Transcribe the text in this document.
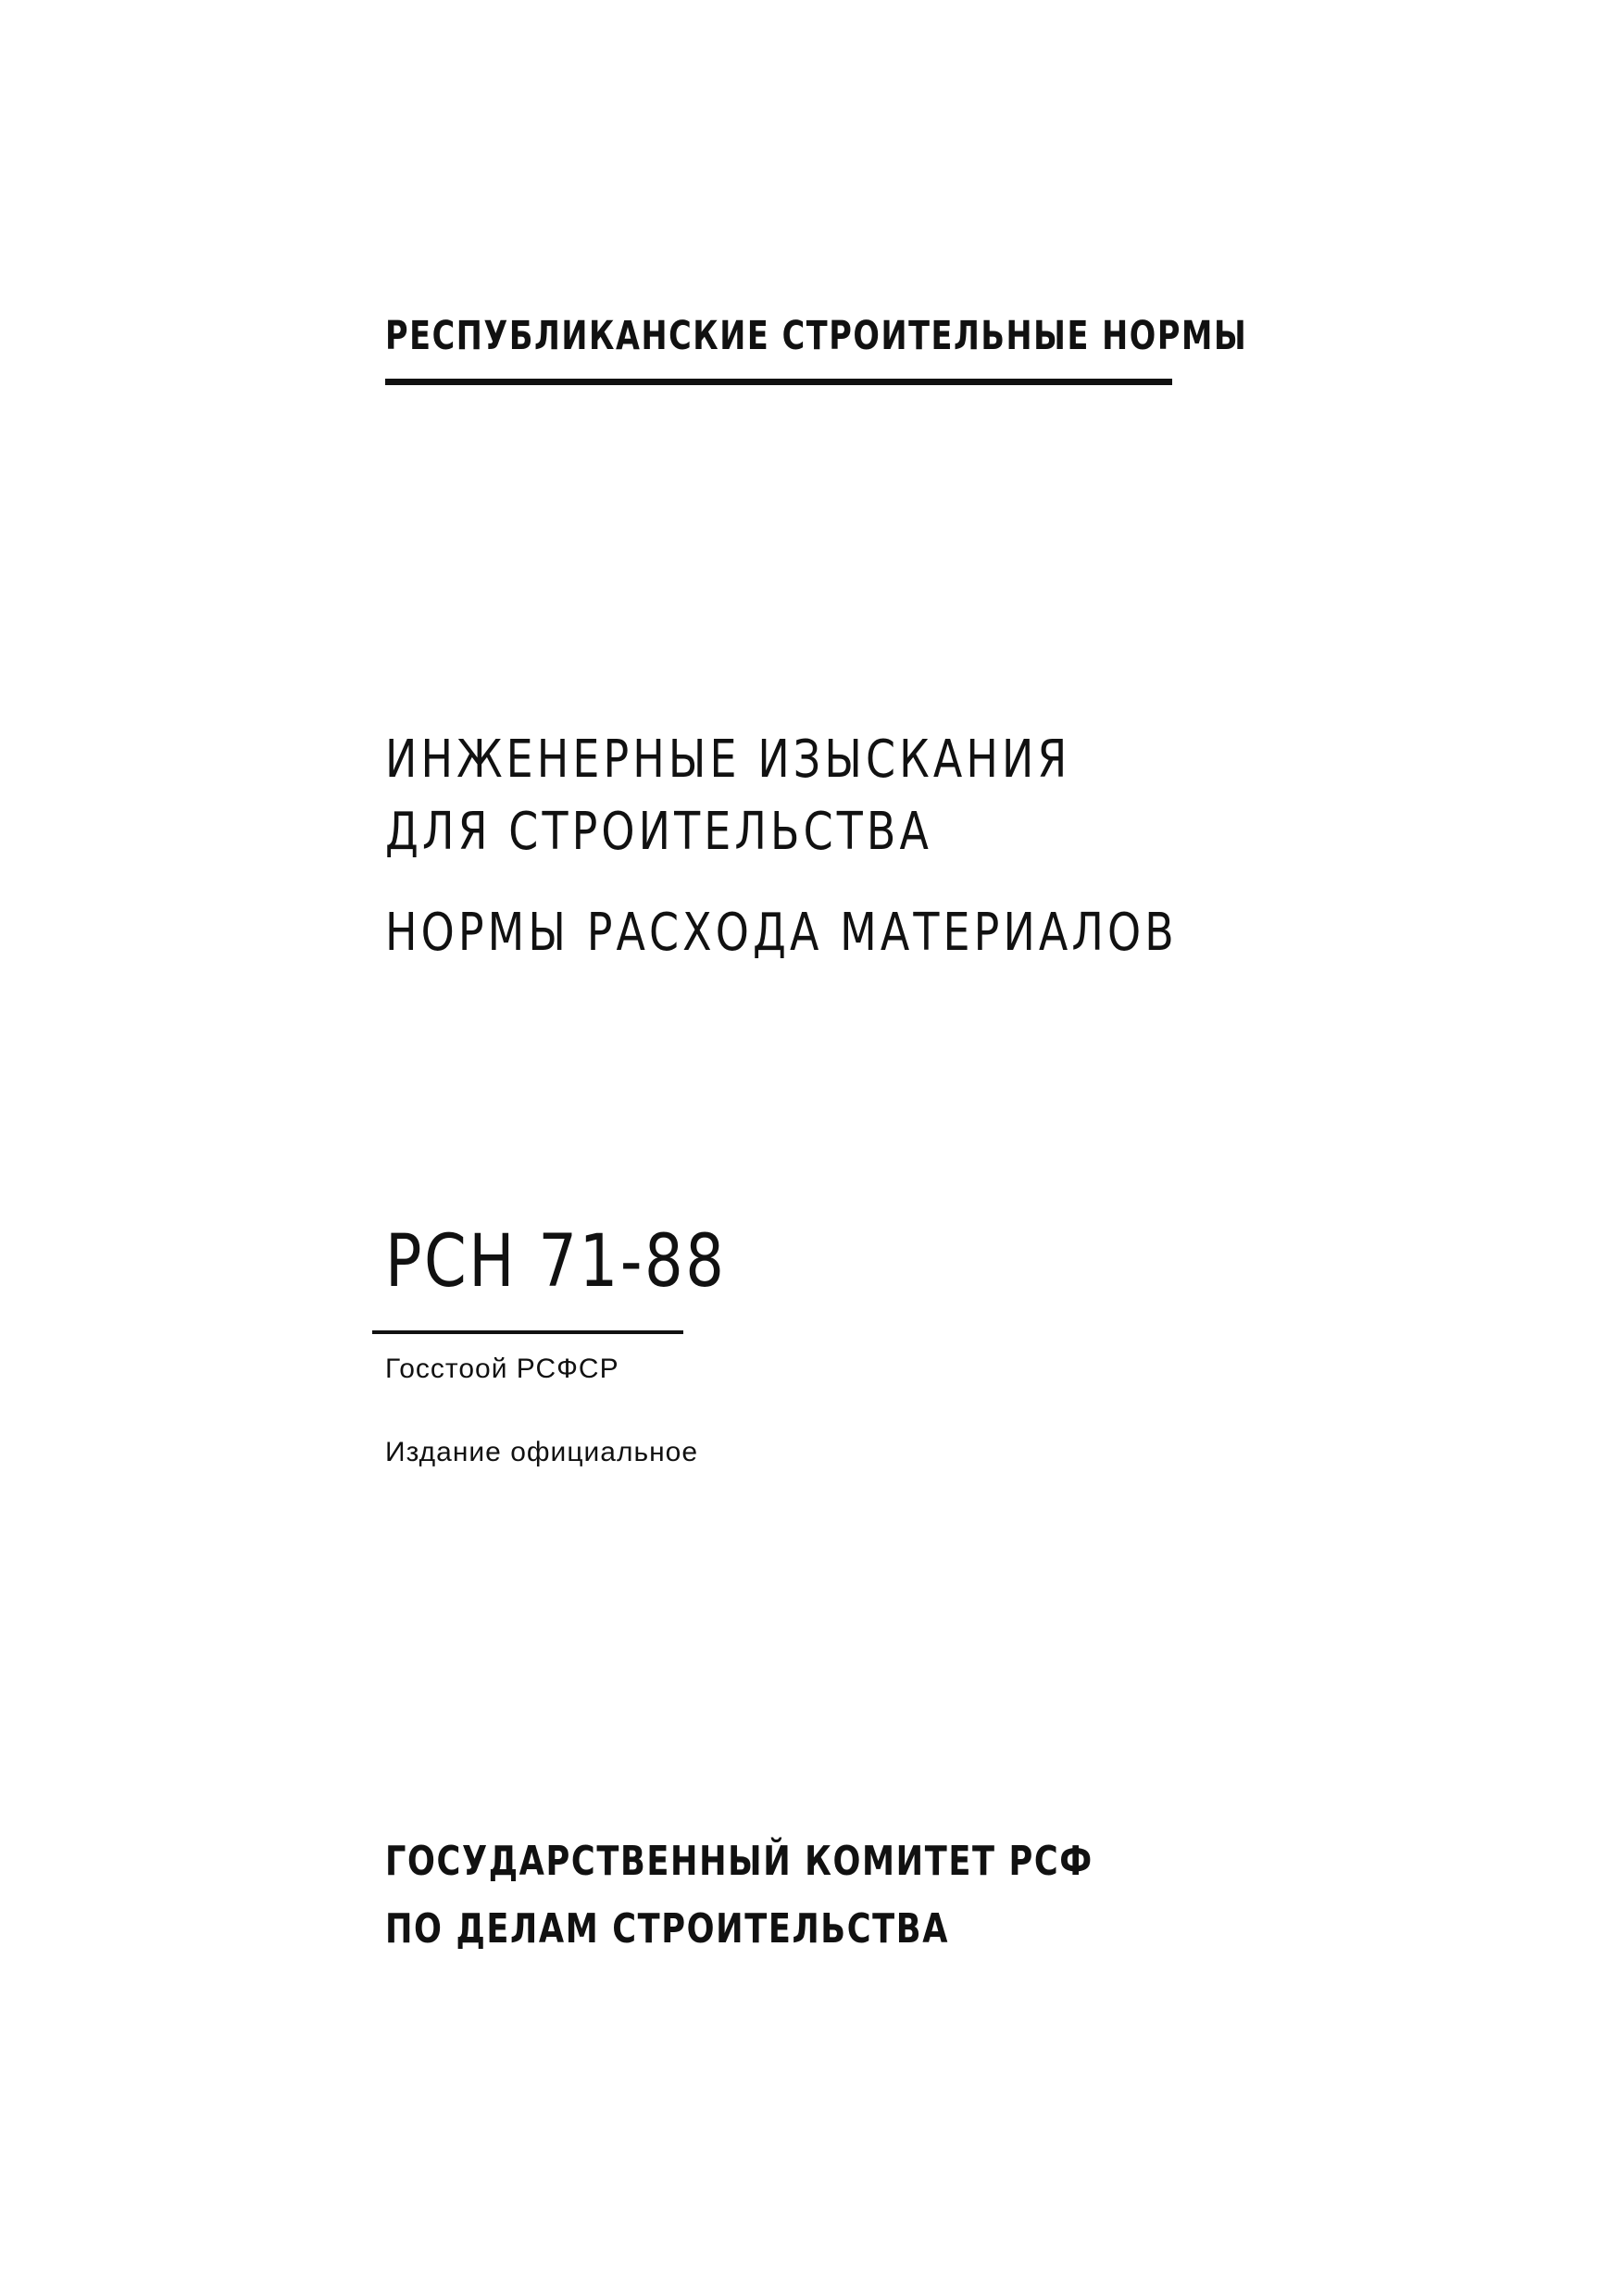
РЕСПУБЛИКАНСКИЕ СТРОИТЕЛЬНЫЕ НОРМЫ
ИНЖЕНЕРНЫЕ ИЗЫСКАНИЯ
ДЛЯ СТРОИТЕЛЬСТВА
НОРМЫ РАСХОДА МАТЕРИАЛОВ
РСН 71-88
Госстоой РСФСР
Издание официальное
ГОСУДАРСТВЕННЫЙ КОМИТЕТ РСФ
ПО ДЕЛАМ СТРОИТЕЛЬСТВА
